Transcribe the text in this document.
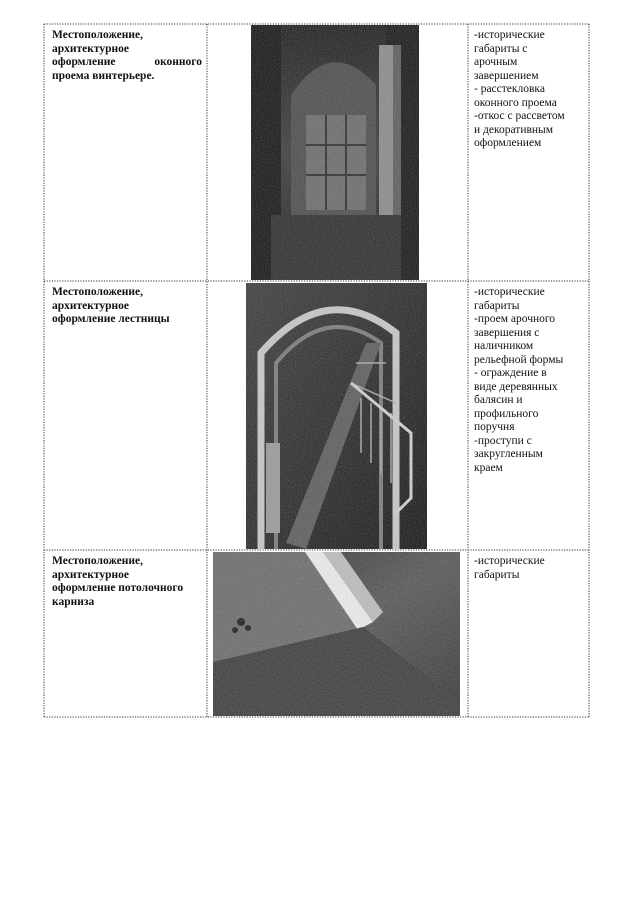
Местоположение,
архитектурное
оформление	оконного
проема винтерьере.
-исторические
габариты с
арочным
завершением
- расстекловка
оконного проема
-откос с рассветом
и декоративным
оформлением
Местоположение,
архитектурное
оформление лестницы
-исторические
габариты
-проем арочного
завершения с
наличником
рельефной формы
- ограждение в
виде деревянных
балясин и
профильного
поручня
-проступи с
закругленным
краем
Местоположение,
архитектурное
оформление потолочного
карниза
-исторические
габариты
